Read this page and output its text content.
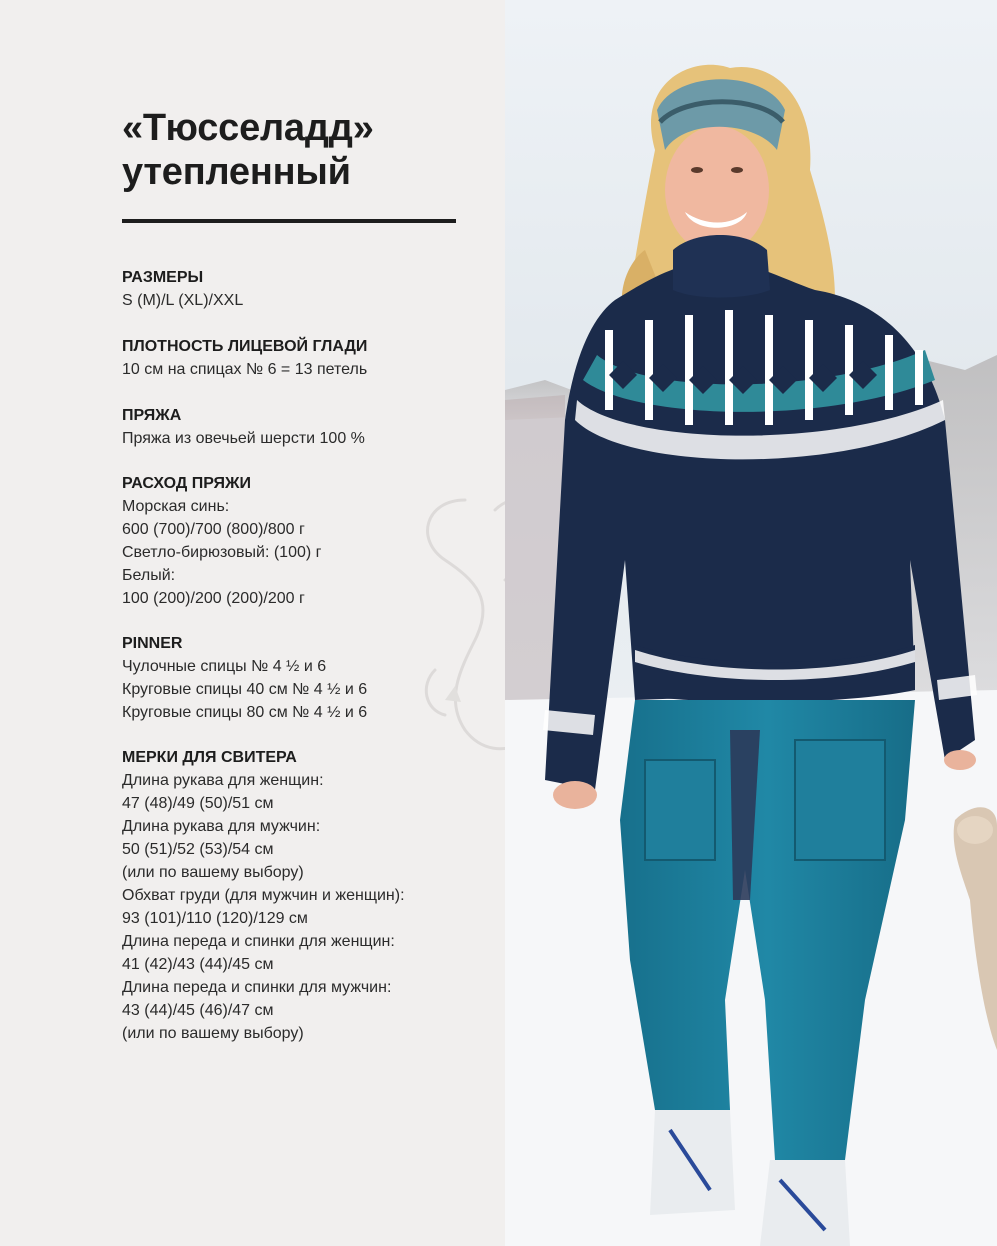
«Тюсселадд»
утепленный
РАЗМЕРЫ
S (M)/L (XL)/XXL
ПЛОТНОСТЬ ЛИЦЕВОЙ ГЛАДИ
10 см на спицах № 6 = 13 петель
ПРЯЖА
Пряжа из овечьей шерсти 100 %
РАСХОД ПРЯЖИ
Морская синь:
600 (700)/700 (800)/800 г
Светло-бирюзовый: (100) г
Белый:
100 (200)/200 (200)/200 г
PINNER
Чулочные спицы № 4 ½ и 6
Круговые спицы 40 см № 4 ½ и 6
Круговые спицы 80 см № 4 ½ и 6
МЕРКИ ДЛЯ СВИТЕРА
Длина рукава для женщин:
47 (48)/49 (50)/51 см
Длина рукава для мужчин:
50 (51)/52 (53)/54 см
(или по вашему выбору)
Обхват груди (для мужчин и женщин):
93 (101)/110 (120)/129 см
Длина переда и спинки для женщин:
41 (42)/43 (44)/45 см
Длина переда и спинки для мужчин:
43 (44)/45 (46)/47 см
(или по вашему выбору)
